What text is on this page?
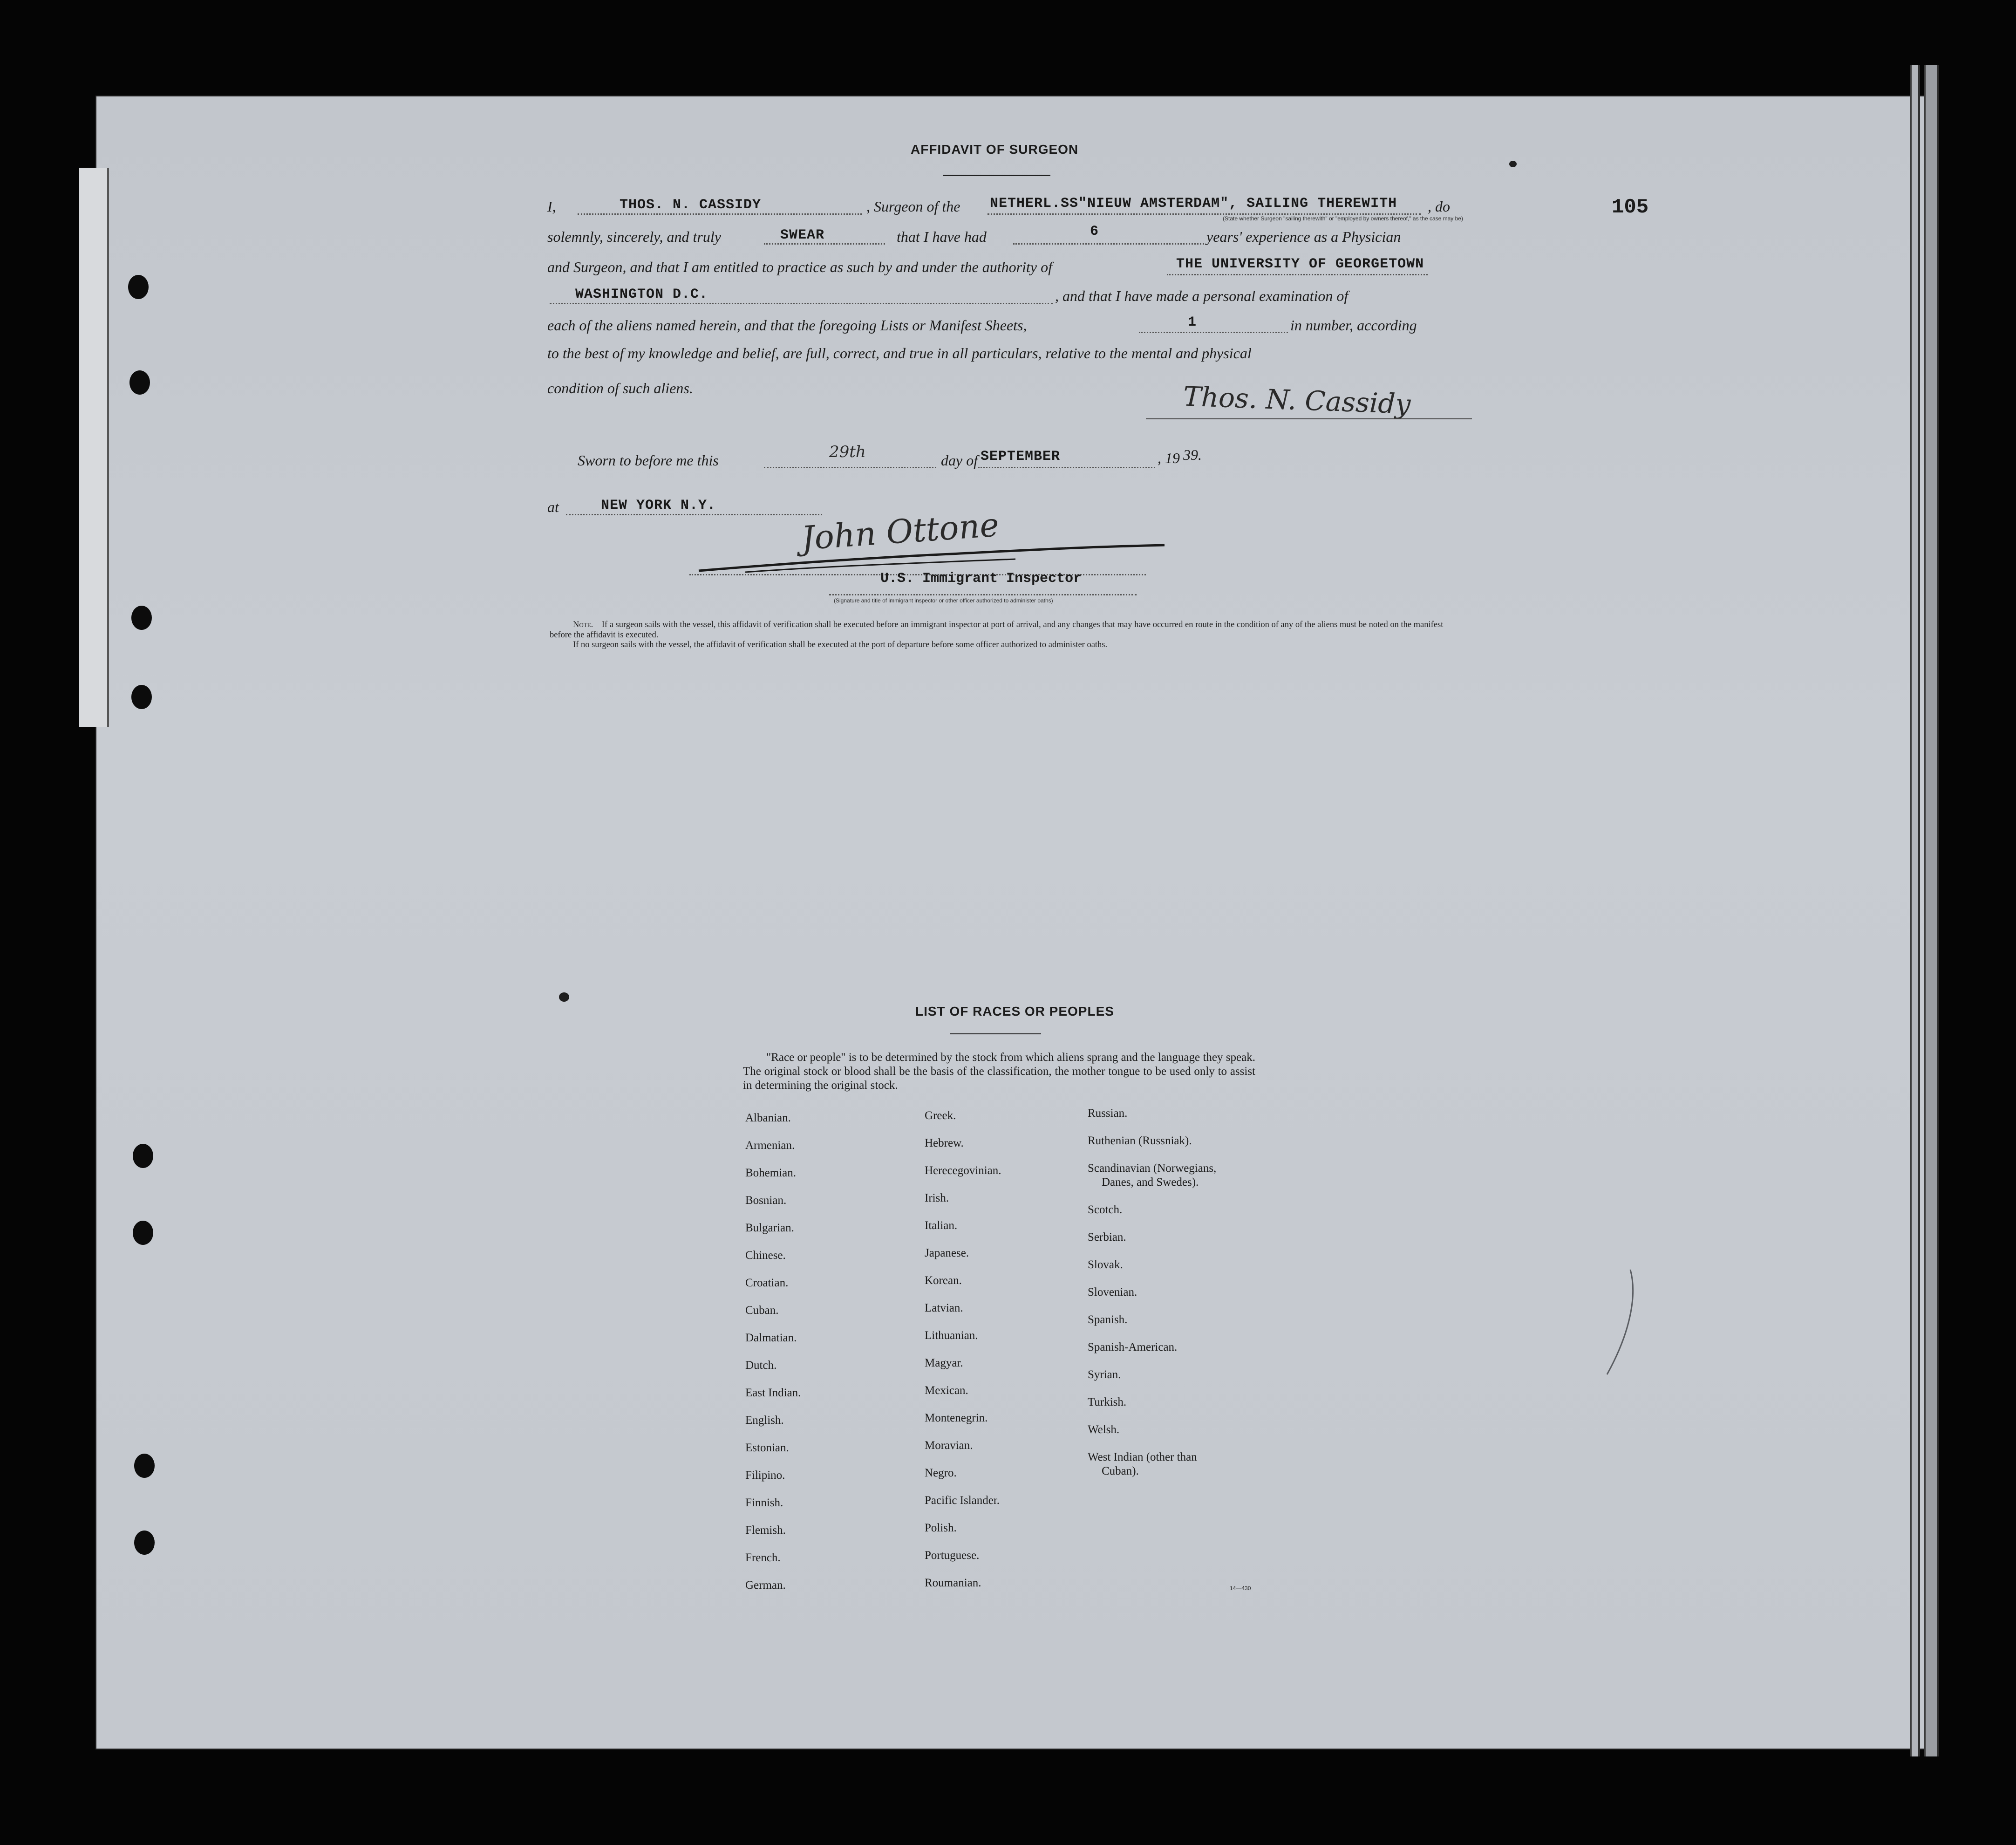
105
AFFIDAVIT OF SURGEON
I,	THOS. N. CASSIDY	, Surgeon of the NETHERL.SS"NIEUW AMSTERDAM", SAILING THEREWITH , do
(State whether Surgeon "sailing therewith" or "employed by owners thereof," as the case may be)
solemnly, sincerely, and truly	SWEAR	that I have had	6	years' experience as a Physician
and Surgeon, and that I am entitled to practice as such by and under the authority of	THE UNIVERSITY OF GEORGETOWN
WASHINGTON D.C.	, and that I have made a personal examination of
each of the aliens named herein, and that the foregoing Lists or Manifest Sheets,	1	in number, according
to the best of my knowledge and belief, are full, correct, and true in all particulars, relative to the mental and physical
condition of such aliens.	Thos. N. Cassidy
Sworn to before me this	29th	day of SEPTEMBER	, 19 39.
at	NEW YORK N.Y.
John Ottone
U.S. Immigrant Inspector
(Signature and title of immigrant inspector or other officer authorized to administer oaths)
Note.—If a surgeon sails with the vessel, this affidavit of verification shall be executed before an immigrant inspector at port of arrival, and any changes that may have occurred en route in the condition of any of the aliens must be noted on the manifest before the affidavit is executed.
If no surgeon sails with the vessel, the affidavit of verification shall be executed at the port of departure before some officer authorized to administer oaths.
LIST OF RACES OR PEOPLES
"Race or people" is to be determined by the stock from which aliens sprang and the language they speak. The original stock or blood shall be the basis of the classification, the mother tongue to be used only to assist in determining the original stock.
Albanian.
Armenian.
Bohemian.
Bosnian.
Bulgarian.
Chinese.
Croatian.
Cuban.
Dalmatian.
Dutch.
East Indian.
English.
Estonian.
Filipino.
Finnish.
Flemish.
French.
German.
Greek.
Hebrew.
Herecegovinian.
Irish.
Italian.
Japanese.
Korean.
Latvian.
Lithuanian.
Magyar.
Mexican.
Montenegrin.
Moravian.
Negro.
Pacific Islander.
Polish.
Portuguese.
Roumanian.
Russian.
Ruthenian (Russniak).
Scandinavian (Norwegians,
Danes, and Swedes).
Scotch.
Serbian.
Slovak.
Slovenian.
Spanish.
Spanish-American.
Syrian.
Turkish.
Welsh.
West Indian (other than
Cuban).
14—430
